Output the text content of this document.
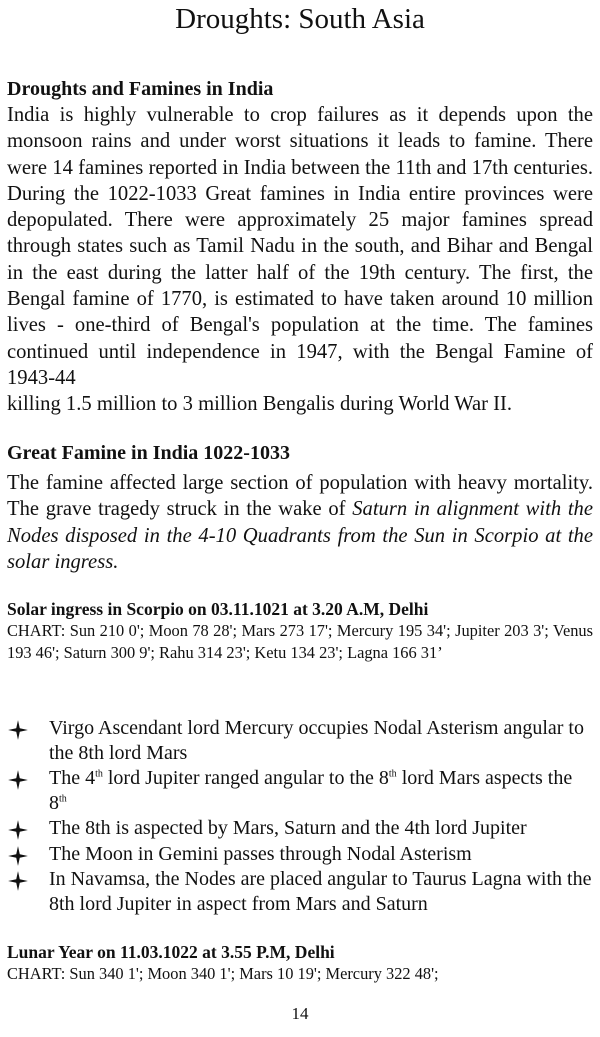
Droughts: South Asia
Droughts and Famines in India
India is highly vulnerable to crop failures as it depends upon the monsoon rains and under worst situations it leads to famine. There were 14 famines reported in India between the 11th and 17th centuries. During the 1022-1033 Great famines in India entire provinces were depopulated. There were approximately 25 major famines spread through states such as Tamil Nadu in the south, and Bihar and Bengal in the east during the latter half of the 19th century. The first, the Bengal famine of 1770, is estimated to have taken around 10 million lives - one-third of Bengal's population at the time. The famines continued until independence in 1947, with the Bengal Famine of 1943-44
killing 1.5 million to 3 million Bengalis during World War II.
Great Famine in India 1022-1033
The famine affected large section of population with heavy mortality. The grave tragedy struck in the wake of Saturn in alignment with the Nodes disposed in the 4-10 Quadrants from the Sun in Scorpio at the solar ingress.
Solar ingress in Scorpio on 03.11.1021 at 3.20 A.M, Delhi
CHART: Sun 210 0'; Moon 78 28'; Mars 273 17'; Mercury 195 34'; Jupiter 203 3'; Venus 193 46'; Saturn 300 9'; Rahu 314 23'; Ketu 134 23'; Lagna 166 31’
Virgo Ascendant lord Mercury occupies Nodal Asterism angular to the 8th lord Mars
The 4th lord Jupiter ranged angular to the 8th lord Mars aspects the 8th
The 8th is aspected by Mars, Saturn and the 4th lord Jupiter
The Moon in Gemini passes through Nodal Asterism
In Navamsa, the Nodes are placed angular to Taurus Lagna with the 8th lord Jupiter in aspect from Mars and Saturn
Lunar Year on 11.03.1022 at 3.55 P.M, Delhi
CHART: Sun 340 1'; Moon 340 1'; Mars 10 19'; Mercury 322 48';
14
